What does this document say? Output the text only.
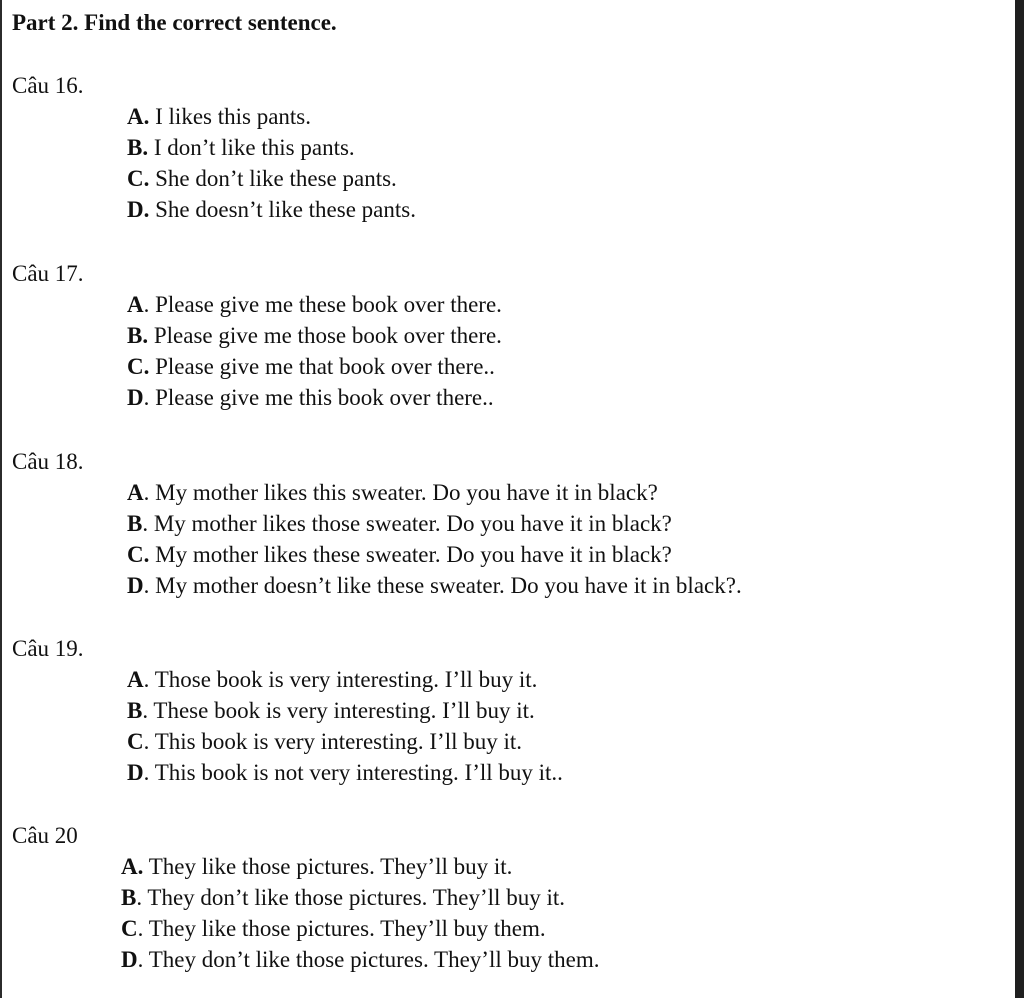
Part 2. Find the correct sentence.
Câu 16.
A. I likes this pants.
B. I don’t like this pants.
C. She don’t like these pants.
D. She doesn’t like these pants.
Câu 17.
A. Please give me these book over there.
B. Please give me those book over there.
C. Please give me that book over there..
D. Please give me this book over there..
Câu 18.
A. My mother likes this sweater. Do you have it in black?
B. My mother likes those sweater. Do you have it in black?
C. My mother likes these sweater. Do you have it in black?
D. My mother doesn’t like these sweater. Do you have it in black?.
Câu 19.
A. Those book is very interesting. I’ll buy it.
B. These book is very interesting. I’ll buy it.
C. This book is very interesting. I’ll buy it.
D. This book is not very interesting. I’ll buy it..
Câu 20
A. They like those pictures. They’ll buy it.
B. They don’t like those pictures. They’ll buy it.
C. They like those pictures. They’ll buy them.
D. They don’t like those pictures. They’ll buy them.
